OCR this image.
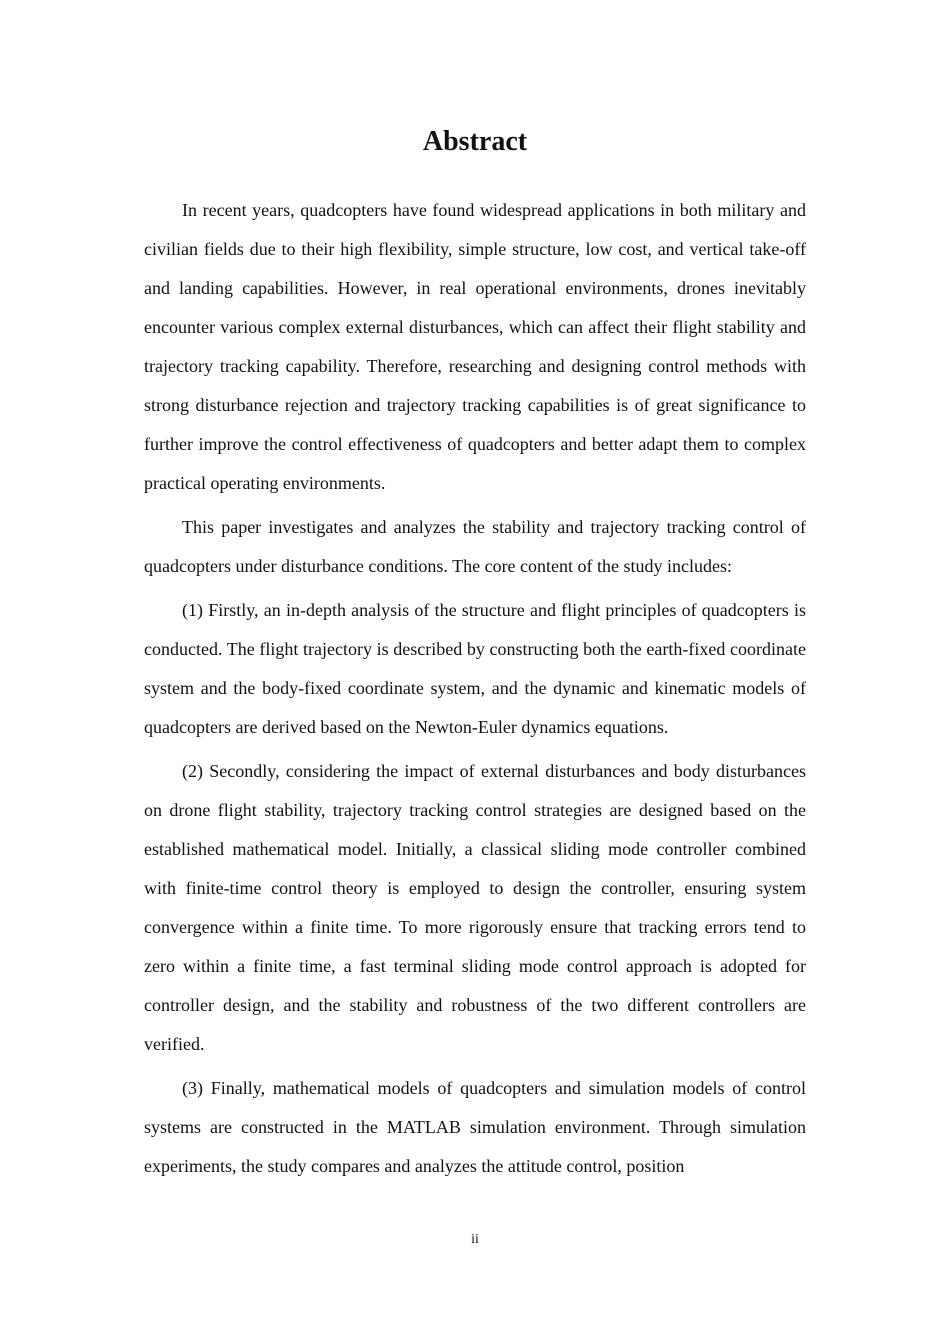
Abstract

In recent years, quadcopters have found widespread applications in both military and civilian fields due to their high flexibility, simple structure, low cost, and vertical take-off and landing capabilities. However, in real operational environments, drones inevitably encounter various complex external disturbances, which can affect their flight stability and trajectory tracking capability. Therefore, researching and designing control methods with strong disturbance rejection and trajectory tracking capabilities is of great significance to further improve the control effectiveness of quadcopters and better adapt them to complex practical operating environments.

This paper investigates and analyzes the stability and trajectory tracking control of quadcopters under disturbance conditions. The core content of the study includes:

(1) Firstly, an in-depth analysis of the structure and flight principles of quadcopters is conducted. The flight trajectory is described by constructing both the earth-fixed coordinate system and the body-fixed coordinate system, and the dynamic and kinematic models of quadcopters are derived based on the Newton-Euler dynamics equations.

(2) Secondly, considering the impact of external disturbances and body disturbances on drone flight stability, trajectory tracking control strategies are designed based on the established mathematical model. Initially, a classical sliding mode controller combined with finite-time control theory is employed to design the controller, ensuring system convergence within a finite time. To more rigorously ensure that tracking errors tend to zero within a finite time, a fast terminal sliding mode control approach is adopted for controller design, and the stability and robustness of the two different controllers are verified.

(3) Finally, mathematical models of quadcopters and simulation models of control systems are constructed in the MATLAB simulation environment. Through simulation experiments, the study compares and analyzes the attitude control, position

ii
